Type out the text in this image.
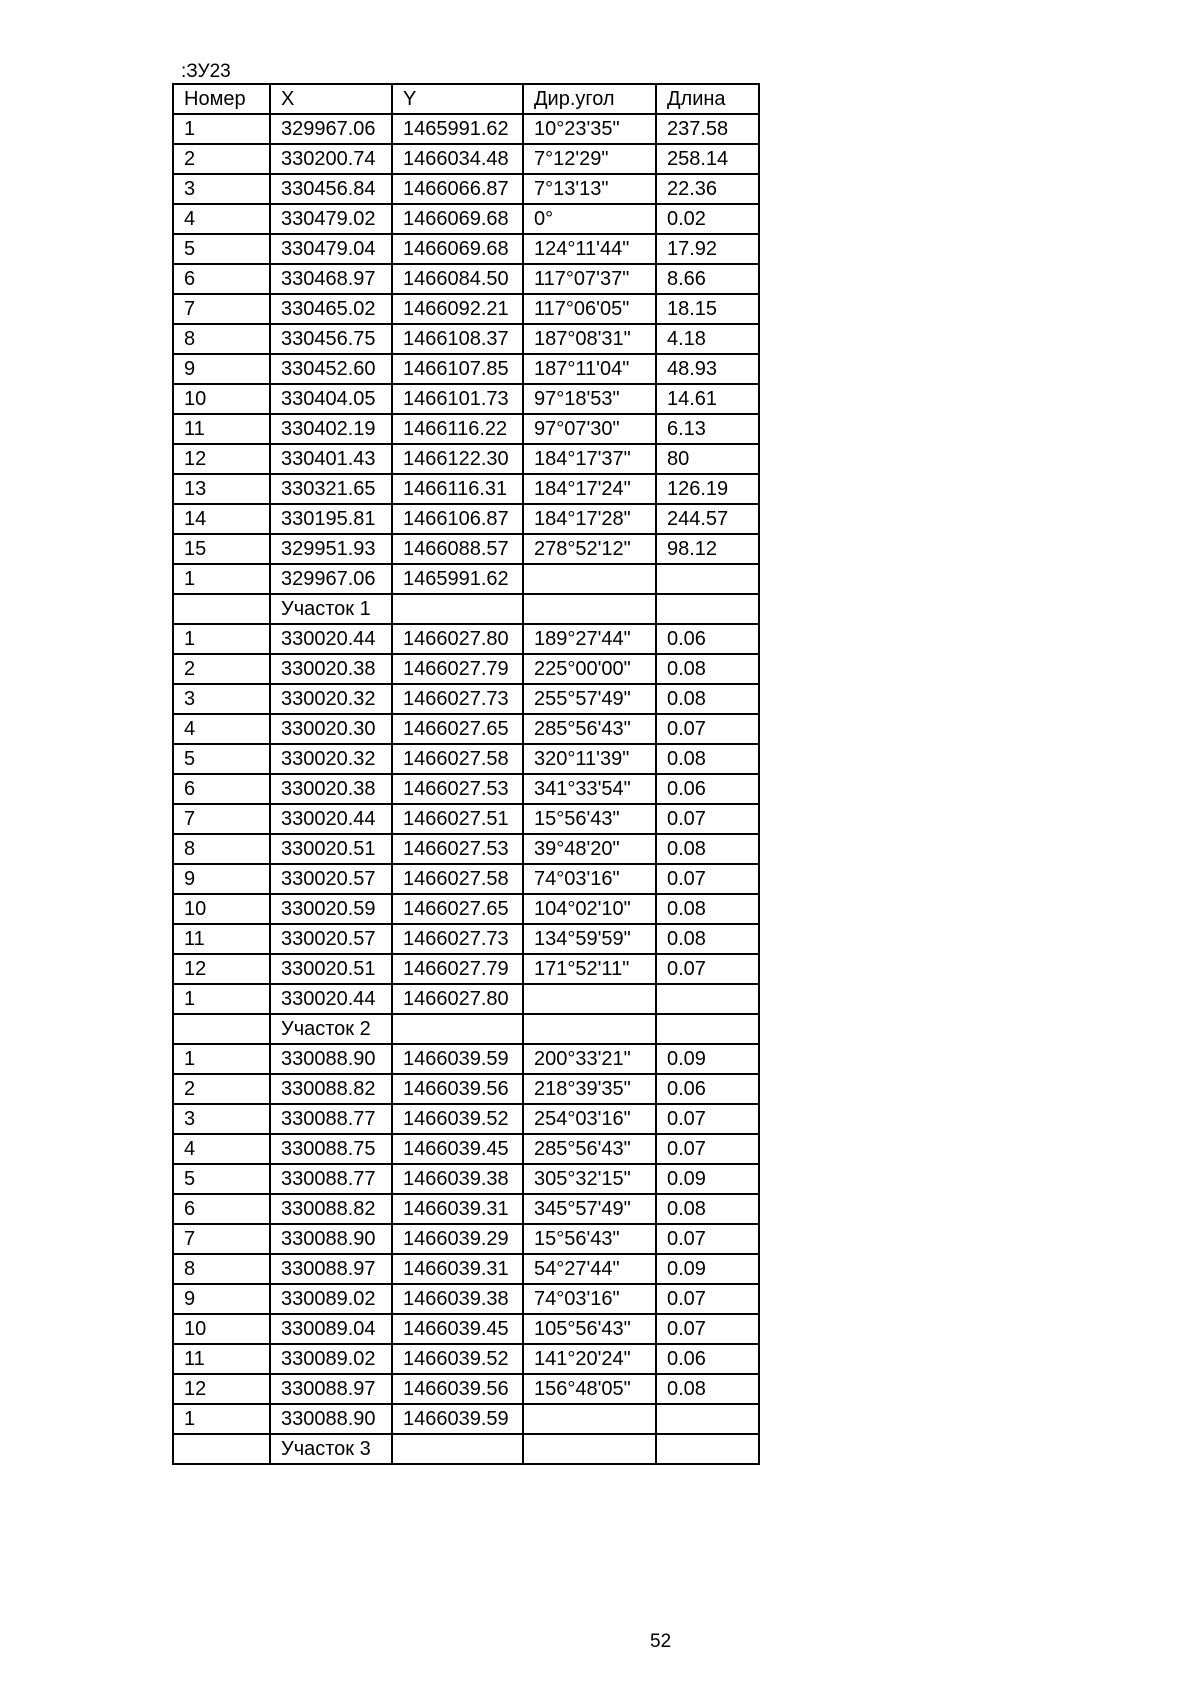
:ЗУ23
Номер	X	Y	Дир.угол	Длина
1	329967.06	1465991.62	10°23'35"	237.58
2	330200.74	1466034.48	7°12'29"	258.14
3	330456.84	1466066.87	7°13'13"	22.36
4	330479.02	1466069.68	0°	0.02
5	330479.04	1466069.68	124°11'44"	17.92
6	330468.97	1466084.50	117°07'37"	8.66
7	330465.02	1466092.21	117°06'05"	18.15
8	330456.75	1466108.37	187°08'31"	4.18
9	330452.60	1466107.85	187°11'04"	48.93
10	330404.05	1466101.73	97°18'53"	14.61
11	330402.19	1466116.22	97°07'30"	6.13
12	330401.43	1466122.30	184°17'37"	80
13	330321.65	1466116.31	184°17'24"	126.19
14	330195.81	1466106.87	184°17'28"	244.57
15	329951.93	1466088.57	278°52'12"	98.12
1	329967.06	1465991.62		
	Участок 1			
1	330020.44	1466027.80	189°27'44"	0.06
2	330020.38	1466027.79	225°00'00"	0.08
3	330020.32	1466027.73	255°57'49"	0.08
4	330020.30	1466027.65	285°56'43"	0.07
5	330020.32	1466027.58	320°11'39"	0.08
6	330020.38	1466027.53	341°33'54"	0.06
7	330020.44	1466027.51	15°56'43"	0.07
8	330020.51	1466027.53	39°48'20"	0.08
9	330020.57	1466027.58	74°03'16"	0.07
10	330020.59	1466027.65	104°02'10"	0.08
11	330020.57	1466027.73	134°59'59"	0.08
12	330020.51	1466027.79	171°52'11"	0.07
1	330020.44	1466027.80		
	Участок 2			
1	330088.90	1466039.59	200°33'21"	0.09
2	330088.82	1466039.56	218°39'35"	0.06
3	330088.77	1466039.52	254°03'16"	0.07
4	330088.75	1466039.45	285°56'43"	0.07
5	330088.77	1466039.38	305°32'15"	0.09
6	330088.82	1466039.31	345°57'49"	0.08
7	330088.90	1466039.29	15°56'43"	0.07
8	330088.97	1466039.31	54°27'44"	0.09
9	330089.02	1466039.38	74°03'16"	0.07
10	330089.04	1466039.45	105°56'43"	0.07
11	330089.02	1466039.52	141°20'24"	0.06
12	330088.97	1466039.56	156°48'05"	0.08
1	330088.90	1466039.59		
	Участок 3			
52
